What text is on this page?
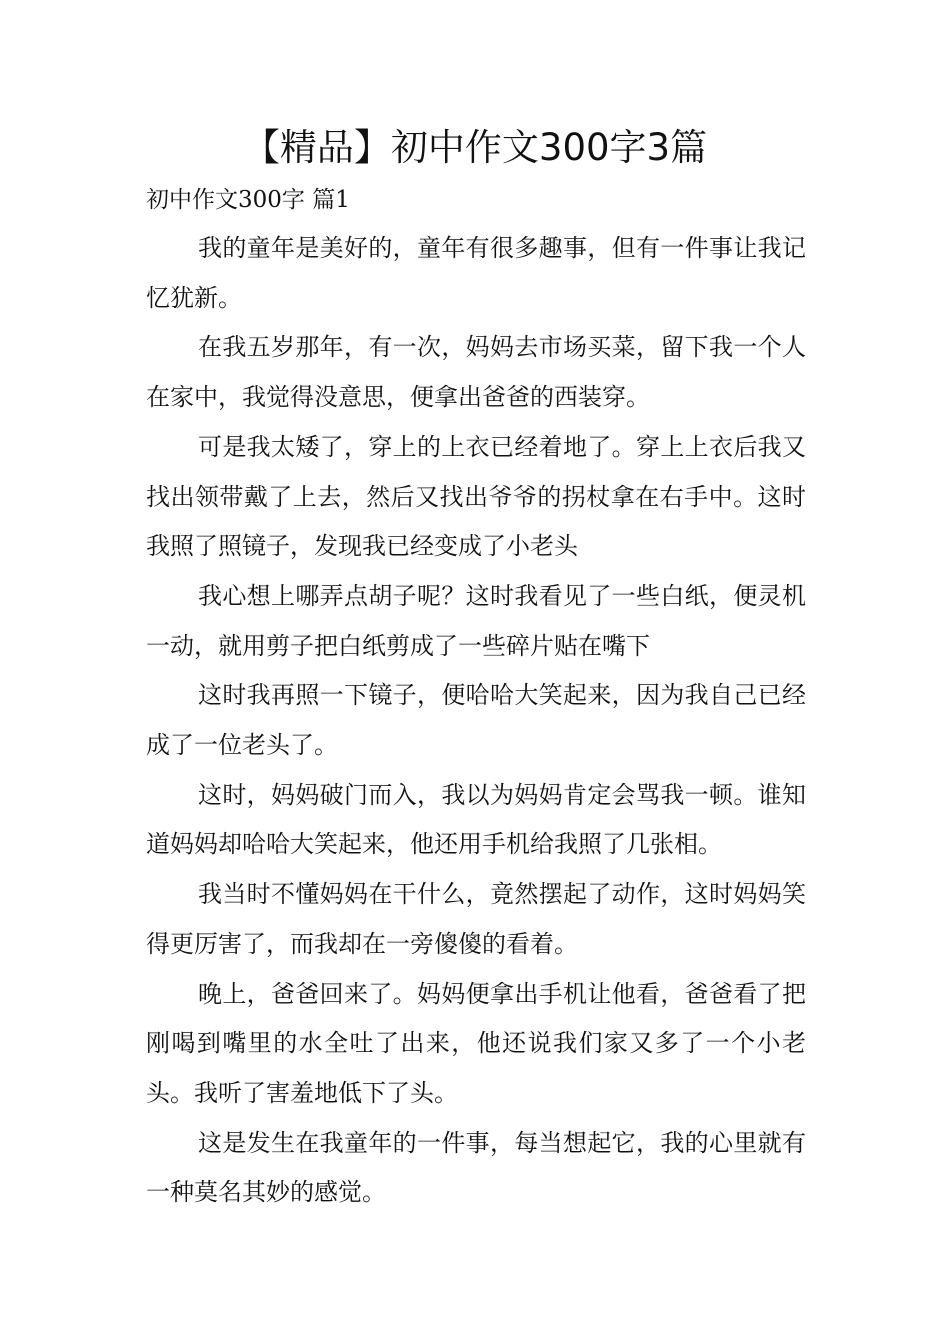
【精品】初中作文300字3篇
初中作文300字 篇1

我的童年是美好的，童年有很多趣事，但有一件事让我记忆犹新。

在我五岁那年，有一次，妈妈去市场买菜，留下我一个人在家中，我觉得没意思，便拿出爸爸的西装穿。

可是我太矮了，穿上的上衣已经着地了。穿上上衣后我又找出领带戴了上去，然后又找出爷爷的拐杖拿在右手中。这时我照了照镜子，发现我已经变成了小老头

我心想上哪弄点胡子呢？这时我看见了一些白纸，便灵机一动，就用剪子把白纸剪成了一些碎片贴在嘴下

这时我再照一下镜子，便哈哈大笑起来，因为我自己已经成了一位老头了。

这时，妈妈破门而入，我以为妈妈肯定会骂我一顿。谁知道妈妈却哈哈大笑起来，他还用手机给我照了几张相。

我当时不懂妈妈在干什么，竟然摆起了动作，这时妈妈笑得更厉害了，而我却在一旁傻傻的看着。

晚上，爸爸回来了。妈妈便拿出手机让他看，爸爸看了把刚喝到嘴里的水全吐了出来，他还说我们家又多了一个小老头。我听了害羞地低下了头。

这是发生在我童年的一件事，每当想起它，我的心里就有一种莫名其妙的感觉。
